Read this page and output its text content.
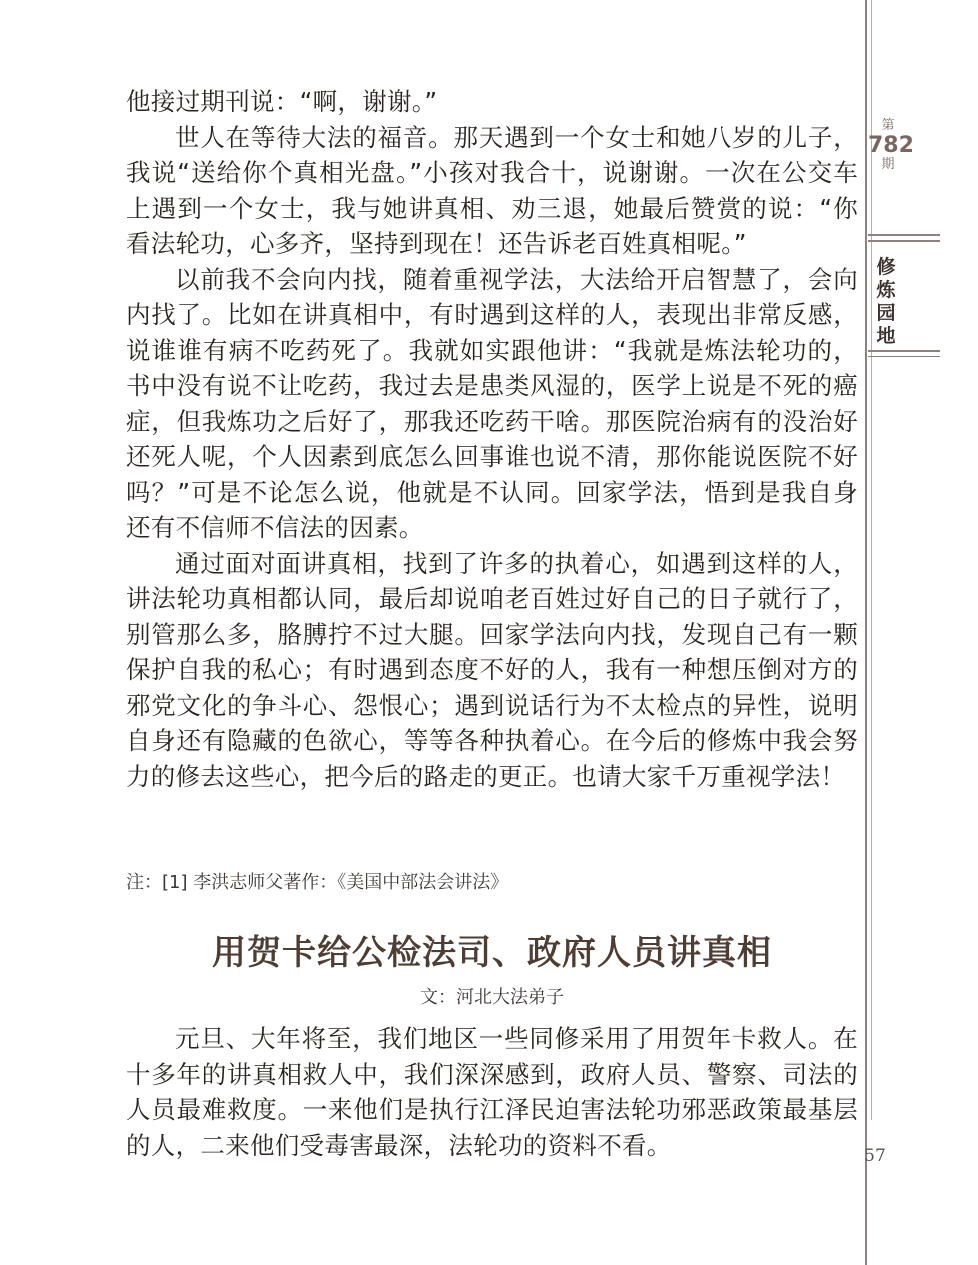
第
782
期
修
炼
园
地

他接过期刊说：“啊，谢谢。”

世人在等待大法的福音。那天遇到一个女士和她八岁的儿子，我说“送给你个真相光盘。”小孩对我合十，说谢谢。一次在公交车上遇到一个女士，我与她讲真相、劝三退，她最后赞赏的说：“你看法轮功，心多齐，坚持到现在！还告诉老百姓真相呢。”

以前我不会向内找，随着重视学法，大法给开启智慧了，会向内找了。比如在讲真相中，有时遇到这样的人，表现出非常反感，说谁谁有病不吃药死了。我就如实跟他讲：“我就是炼法轮功的，书中没有说不让吃药，我过去是患类风湿的，医学上说是不死的癌症，但我炼功之后好了，那我还吃药干啥。那医院治病有的没治好还死人呢，个人因素到底怎么回事谁也说不清，那你能说医院不好吗？”可是不论怎么说，他就是不认同。回家学法，悟到是我自身还有不信师不信法的因素。

通过面对面讲真相，找到了许多的执着心，如遇到这样的人，讲法轮功真相都认同，最后却说咱老百姓过好自己的日子就行了，别管那么多，胳膊拧不过大腿。回家学法向内找，发现自己有一颗保护自我的私心；有时遇到态度不好的人，我有一种想压倒对方的邪党文化的争斗心、怨恨心；遇到说话行为不太检点的异性，说明自身还有隐藏的色欲心，等等各种执着心。在今后的修炼中我会努力的修去这些心，把今后的路走的更正。也请大家千万重视学法！

注：[1] 李洪志师父著作：《美国中部法会讲法》
用贺卡给公检法司、政府人员讲真相
文：河北大法弟子

元旦、大年将至，我们地区一些同修采用了用贺年卡救人。在十多年的讲真相救人中，我们深深感到，政府人员、警察、司法的人员最难救度。一来他们是执行江泽民迫害法轮功邪恶政策最基层的人，二来他们受毒害最深，法轮功的资料不看。	57
